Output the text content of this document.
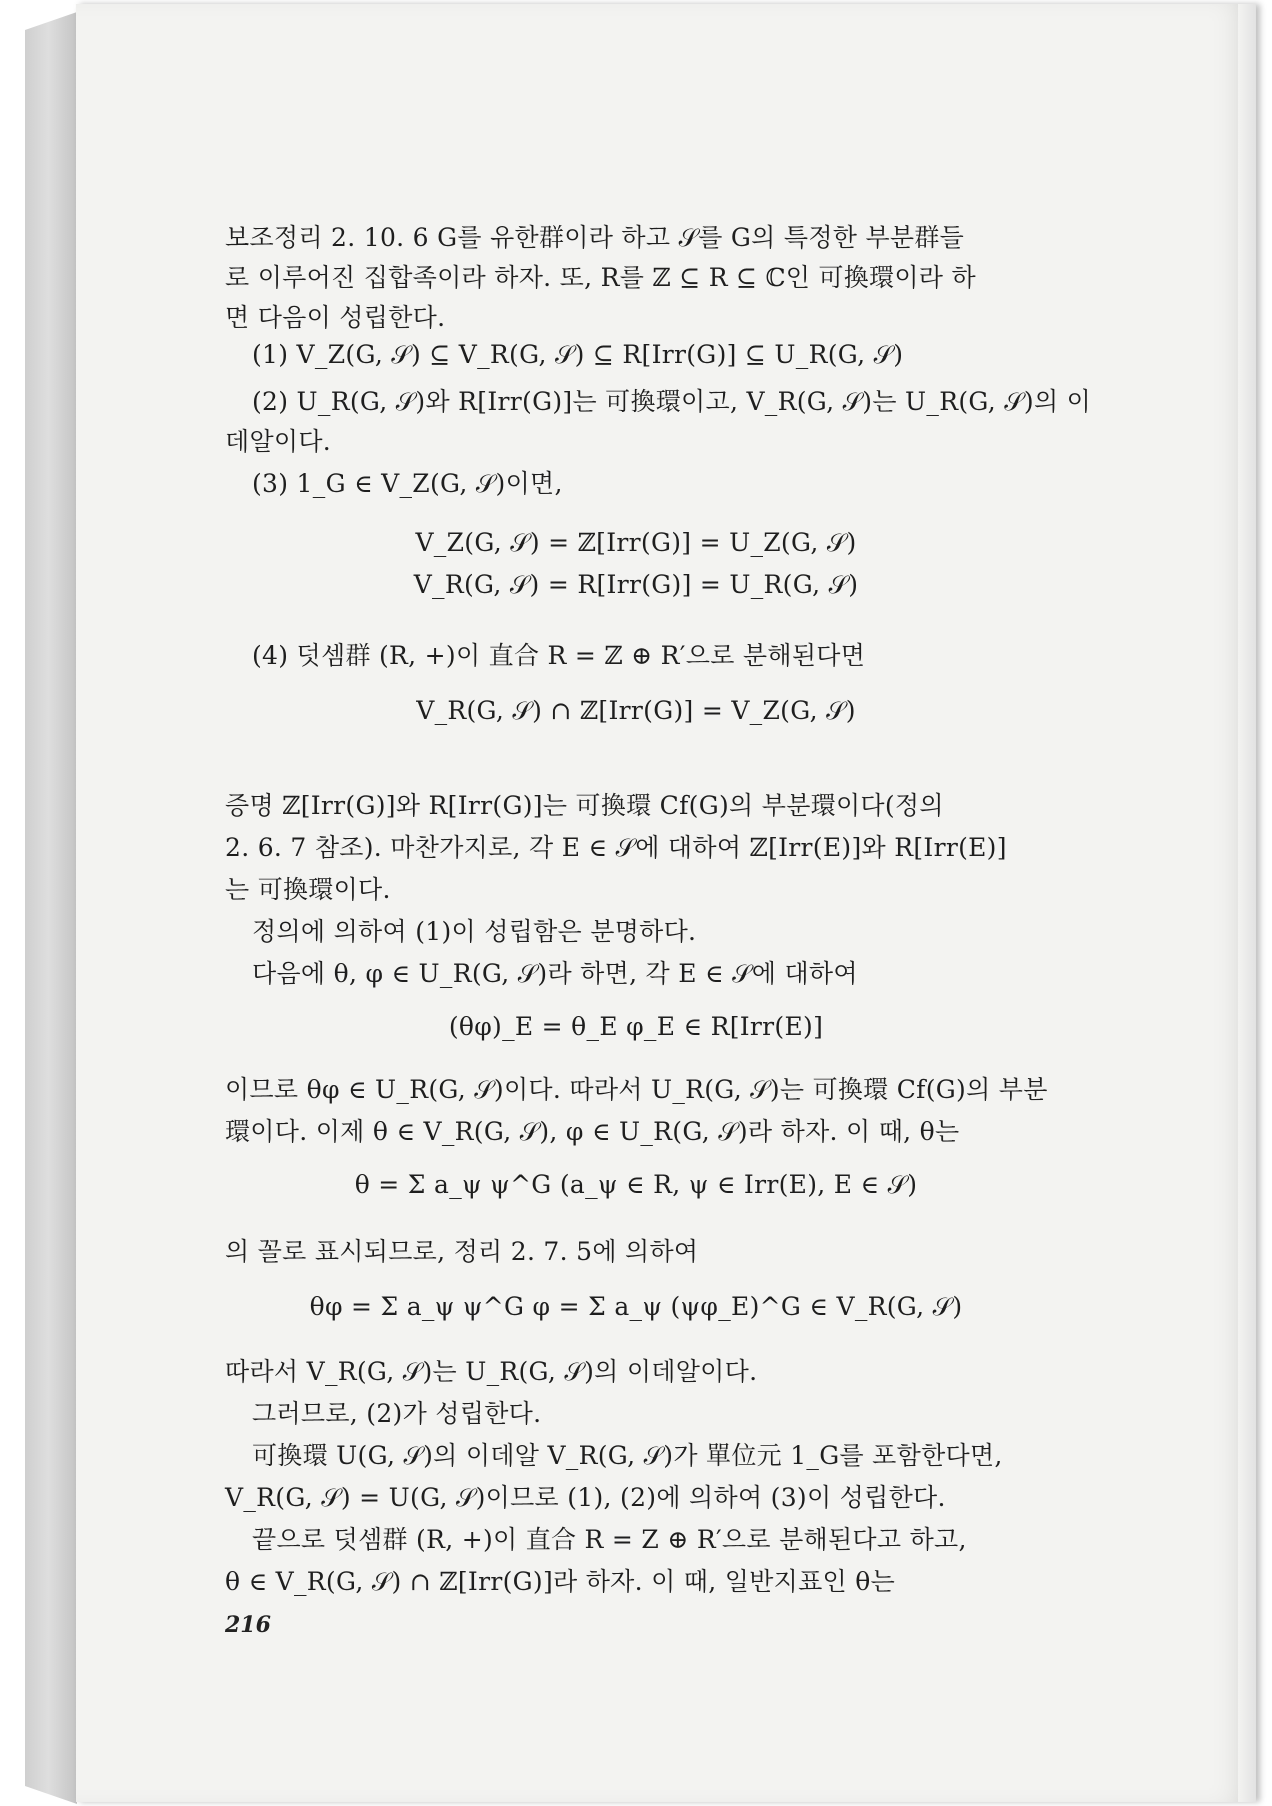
보조정리 2. 10. 6 G를 유한群이라 하고 𝒮를 G의 특정한 부분群들
로 이루어진 집합족이라 하자. 또, R를 ℤ ⊆ R ⊆ ℂ인 可換環이라 하
면 다음이 성립한다.
(1) V_Z(G, 𝒮) ⊆ V_R(G, 𝒮) ⊆ R[Irr(G)] ⊆ U_R(G, 𝒮)
(2) U_R(G, 𝒮)와 R[Irr(G)]는 可換環이고, V_R(G, 𝒮)는 U_R(G, 𝒮)의 이
데알이다.
(3) 1_G ∈ V_Z(G, 𝒮)이면,
V_Z(G, 𝒮) = ℤ[Irr(G)] = U_Z(G, 𝒮)
V_R(G, 𝒮) = R[Irr(G)] = U_R(G, 𝒮)
(4) 덧셈群 (R, +)이 直合 R = ℤ ⊕ R′으로 분해된다면
V_R(G, 𝒮) ∩ ℤ[Irr(G)] = V_Z(G, 𝒮)
증명 ℤ[Irr(G)]와 R[Irr(G)]는 可換環 Cf(G)의 부분環이다(정의
2. 6. 7 참조). 마찬가지로, 각 E ∈ 𝒮에 대하여 ℤ[Irr(E)]와 R[Irr(E)]
는 可換環이다.
정의에 의하여 (1)이 성립함은 분명하다.
다음에 θ, φ ∈ U_R(G, 𝒮)라 하면, 각 E ∈ 𝒮에 대하여
(θφ)_E = θ_E φ_E ∈ R[Irr(E)]
이므로 θφ ∈ U_R(G, 𝒮)이다. 따라서 U_R(G, 𝒮)는 可換環 Cf(G)의 부분
環이다. 이제 θ ∈ V_R(G, 𝒮), φ ∈ U_R(G, 𝒮)라 하자. 이 때, θ는
θ = Σ a_ψ ψ^G (a_ψ ∈ R, ψ ∈ Irr(E), E ∈ 𝒮)
의 꼴로 표시되므로, 정리 2. 7. 5에 의하여
θφ = Σ a_ψ ψ^G φ = Σ a_ψ (ψφ_E)^G ∈ V_R(G, 𝒮)
따라서 V_R(G, 𝒮)는 U_R(G, 𝒮)의 이데알이다.
그러므로, (2)가 성립한다.
可換環 U(G, 𝒮)의 이데알 V_R(G, 𝒮)가 單位元 1_G를 포함한다면,
V_R(G, 𝒮) = U(G, 𝒮)이므로 (1), (2)에 의하여 (3)이 성립한다.
끝으로 덧셈群 (R, +)이 直合 R = Z ⊕ R′으로 분해된다고 하고,
θ ∈ V_R(G, 𝒮) ∩ ℤ[Irr(G)]라 하자. 이 때, 일반지표인 θ는
216
